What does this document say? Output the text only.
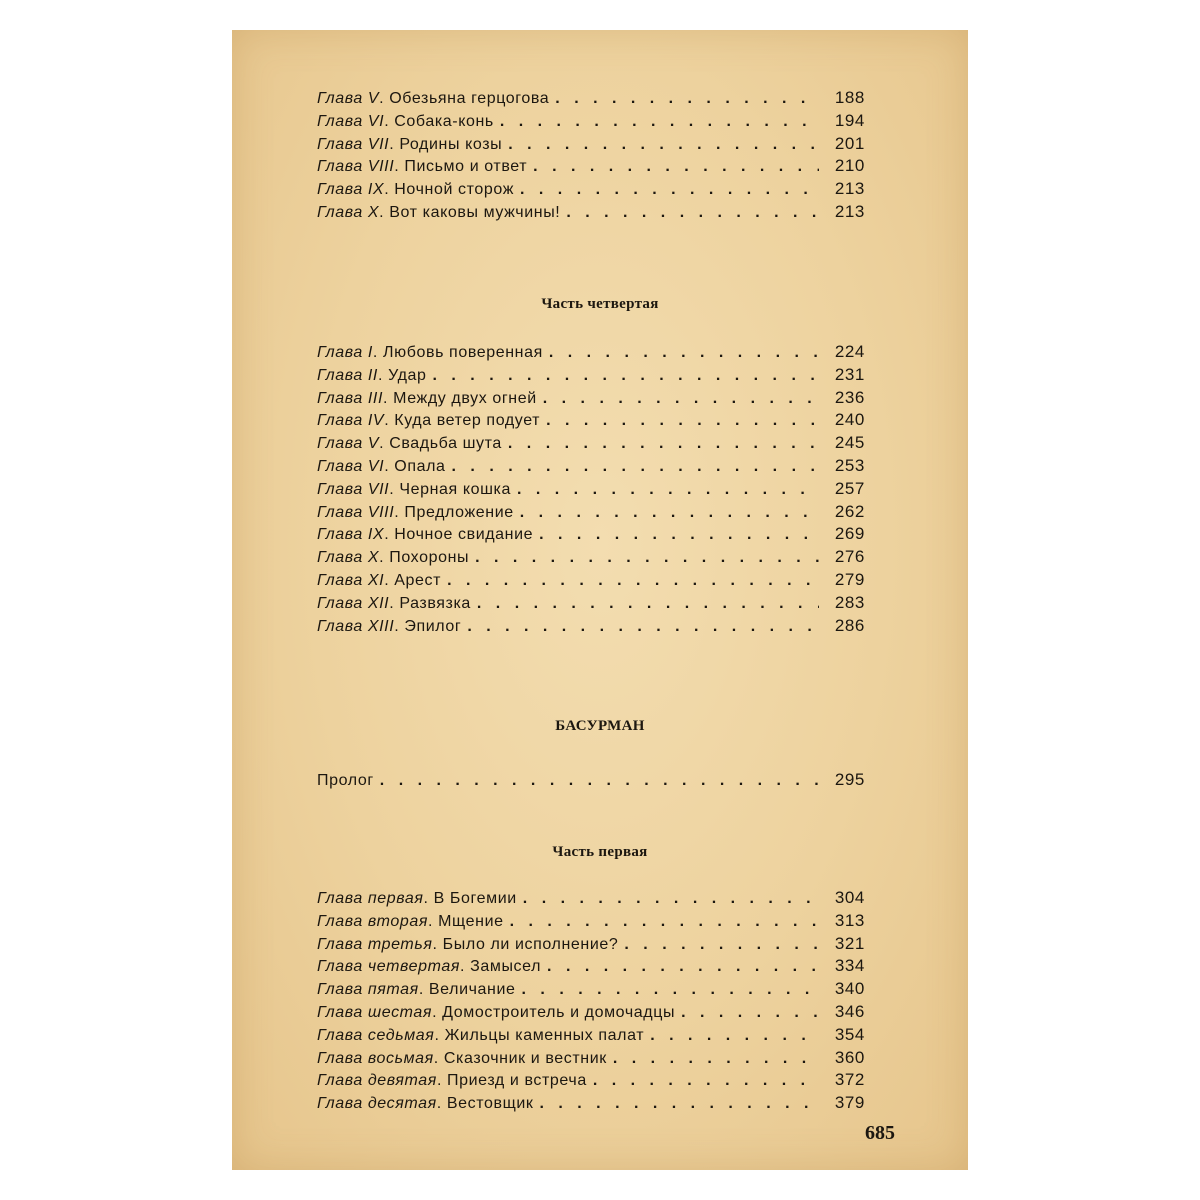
Глава V. Обезьяна герцогова . . .	188
Глава VI. Собака-конь . . .	194
Глава VII. Родины козы . . .	201
Глава VIII. Письмо и ответ . . .	210
Глава IX. Ночной сторож . . .	213
Глава X. Вот каковы мужчины! . . .	213
Часть четвертая
Глава I. Любовь поверенная . . .	224
Глава II. Удар . . .	231
Глава III. Между двух огней . . .	236
Глава IV. Куда ветер подует . . .	240
Глава V. Свадьба шута . . .	245
Глава VI. Опала . . .	253
Глава VII. Черная кошка . . .	257
Глава VIII. Предложение . . .	262
Глава IX. Ночное свидание . . .	269
Глава X. Похороны . . .	276
Глава XI. Арест . . .	279
Глава XII. Развязка . . .	283
Глава XIII. Эпилог . . .	286
БАСУРМАН
Пролог . . .	295
Часть первая
Глава первая. В Богемии . . .	304
Глава вторая. Мщение . . .	313
Глава третья. Было ли исполнение? . . .	321
Глава четвертая. Замысел . . .	334
Глава пятая. Величание . . .	340
Глава шестая. Домостроитель и домочадцы . . .	346
Глава седьмая. Жильцы каменных палат . . .	354
Глава восьмая. Сказочник и вестник . . .	360
Глава девятая. Приезд и встреча . . .	372
Глава десятая. Вестовщик . . .	379
685
